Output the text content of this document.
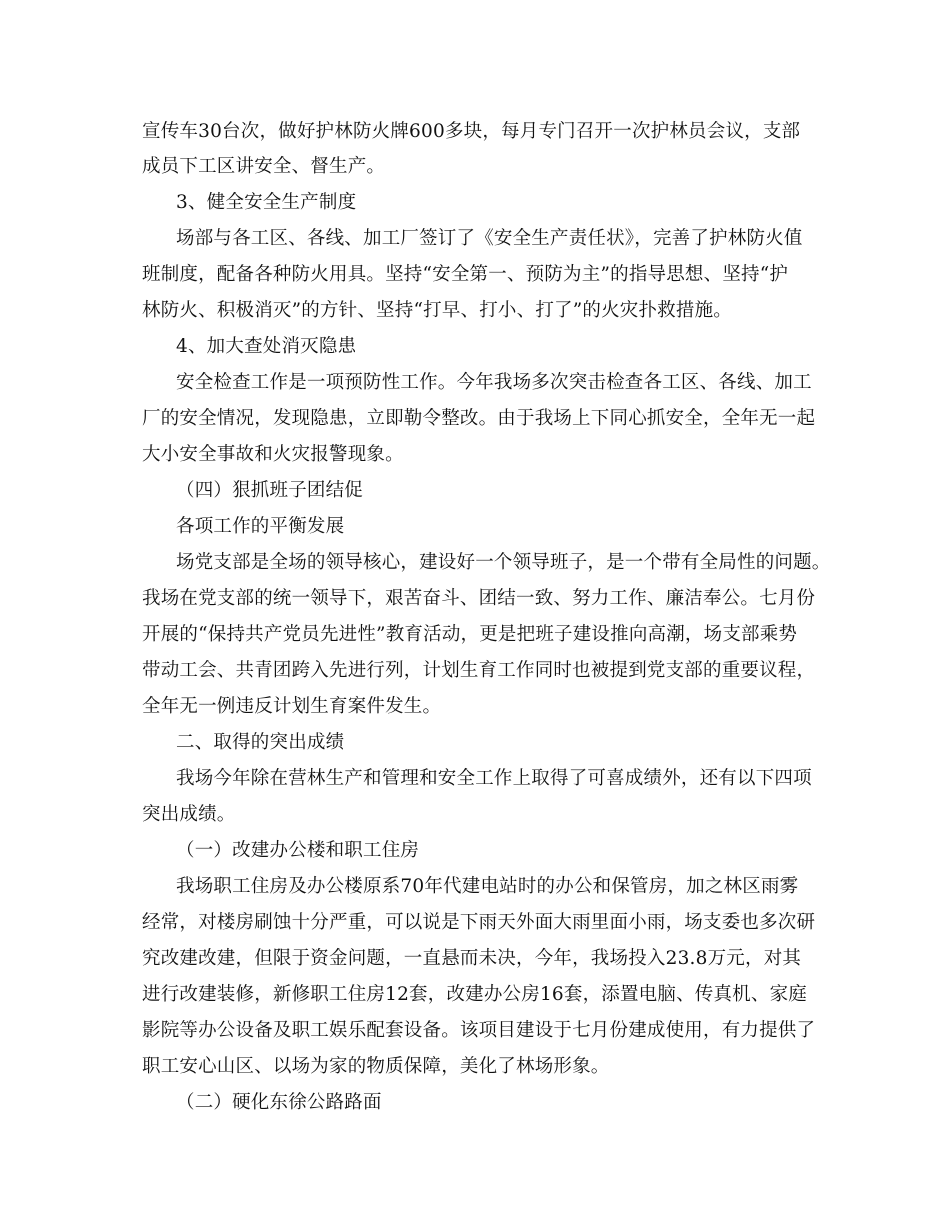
宣传车30台次，做好护林防火牌600多块，每月专门召开一次护林员会议，支部
成员下工区讲安全、督生产。
3、健全安全生产制度
场部与各工区、各线、加工厂签订了《安全生产责任状》，完善了护林防火值
班制度，配备各种防火用具。坚持“安全第一、预防为主”的指导思想、坚持“护
林防火、积极消灭”的方针、坚持“打早、打小、打了”的火灾扑救措施。
4、加大查处消灭隐患
安全检查工作是一项预防性工作。今年我场多次突击检查各工区、各线、加工
厂的安全情况，发现隐患，立即勒令整改。由于我场上下同心抓安全，全年无一起
大小安全事故和火灾报警现象。
（四）狠抓班子团结促
各项工作的平衡发展
场党支部是全场的领导核心，建设好一个领导班子，是一个带有全局性的问题。
我场在党支部的统一领导下，艰苦奋斗、团结一致、努力工作、廉洁奉公。七月份
开展的“保持共产党员先进性”教育活动，更是把班子建设推向高潮，场支部乘势
带动工会、共青团跨入先进行列，计划生育工作同时也被提到党支部的重要议程，
全年无一例违反计划生育案件发生。
二、取得的突出成绩
我场今年除在营林生产和管理和安全工作上取得了可喜成绩外，还有以下四项
突出成绩。
（一）改建办公楼和职工住房
我场职工住房及办公楼原系70年代建电站时的办公和保管房，加之林区雨雾
经常，对楼房刷蚀十分严重，可以说是下雨天外面大雨里面小雨，场支委也多次研
究改建改建，但限于资金问题，一直悬而未决，今年，我场投入23.8万元，对其
进行改建装修，新修职工住房12套，改建办公房16套，添置电脑、传真机、家庭
影院等办公设备及职工娱乐配套设备。该项目建设于七月份建成使用，有力提供了
职工安心山区、以场为家的物质保障，美化了林场形象。
（二）硬化东徐公路路面
